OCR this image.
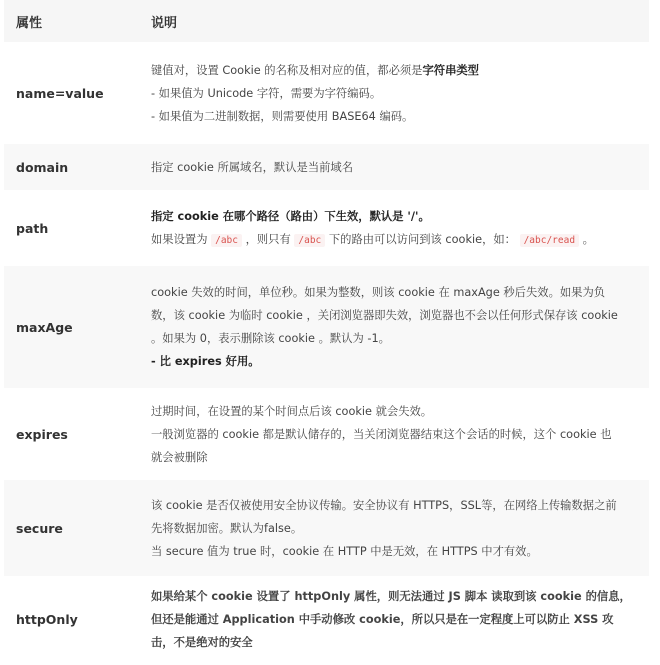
属性	说明
name=value	键值对，设置 Cookie 的名称及相对应的值，都必须是字符串类型
- 如果值为 Unicode 字符，需要为字符编码。
- 如果值为二进制数据，则需要使用 BASE64 编码。

domain	指定 cookie 所属域名，默认是当前域名

path	指定 cookie 在哪个路径（路由）下生效，默认是 '/'。
如果设置为 /abc ，则只有 /abc 下的路由可以访问到该 cookie，如： /abc/read 。

maxAge	cookie 失效的时间，单位秒。如果为整数，则该 cookie 在 maxAge 秒后失效。如果为负
数，该 cookie 为临时 cookie ，关闭浏览器即失效，浏览器也不会以任何形式保存该 cookie
。如果为 0，表示删除该 cookie 。默认为 -1。
- 比 expires 好用。

expires	过期时间，在设置的某个时间点后该 cookie 就会失效。
一般浏览器的 cookie 都是默认储存的，当关闭浏览器结束这个会话的时候，这个 cookie 也
就会被删除

secure	该 cookie 是否仅被使用安全协议传输。安全协议有 HTTPS，SSL等，在网络上传输数据之前
先将数据加密。默认为false。
当 secure 值为 true 时，cookie 在 HTTP 中是无效，在 HTTPS 中才有效。

httpOnly	如果给某个 cookie 设置了 httpOnly 属性，则无法通过 JS 脚本 读取到该 cookie 的信息，
但还是能通过 Application 中手动修改 cookie，所以只是在一定程度上可以防止 XSS 攻
击，不是绝对的安全
